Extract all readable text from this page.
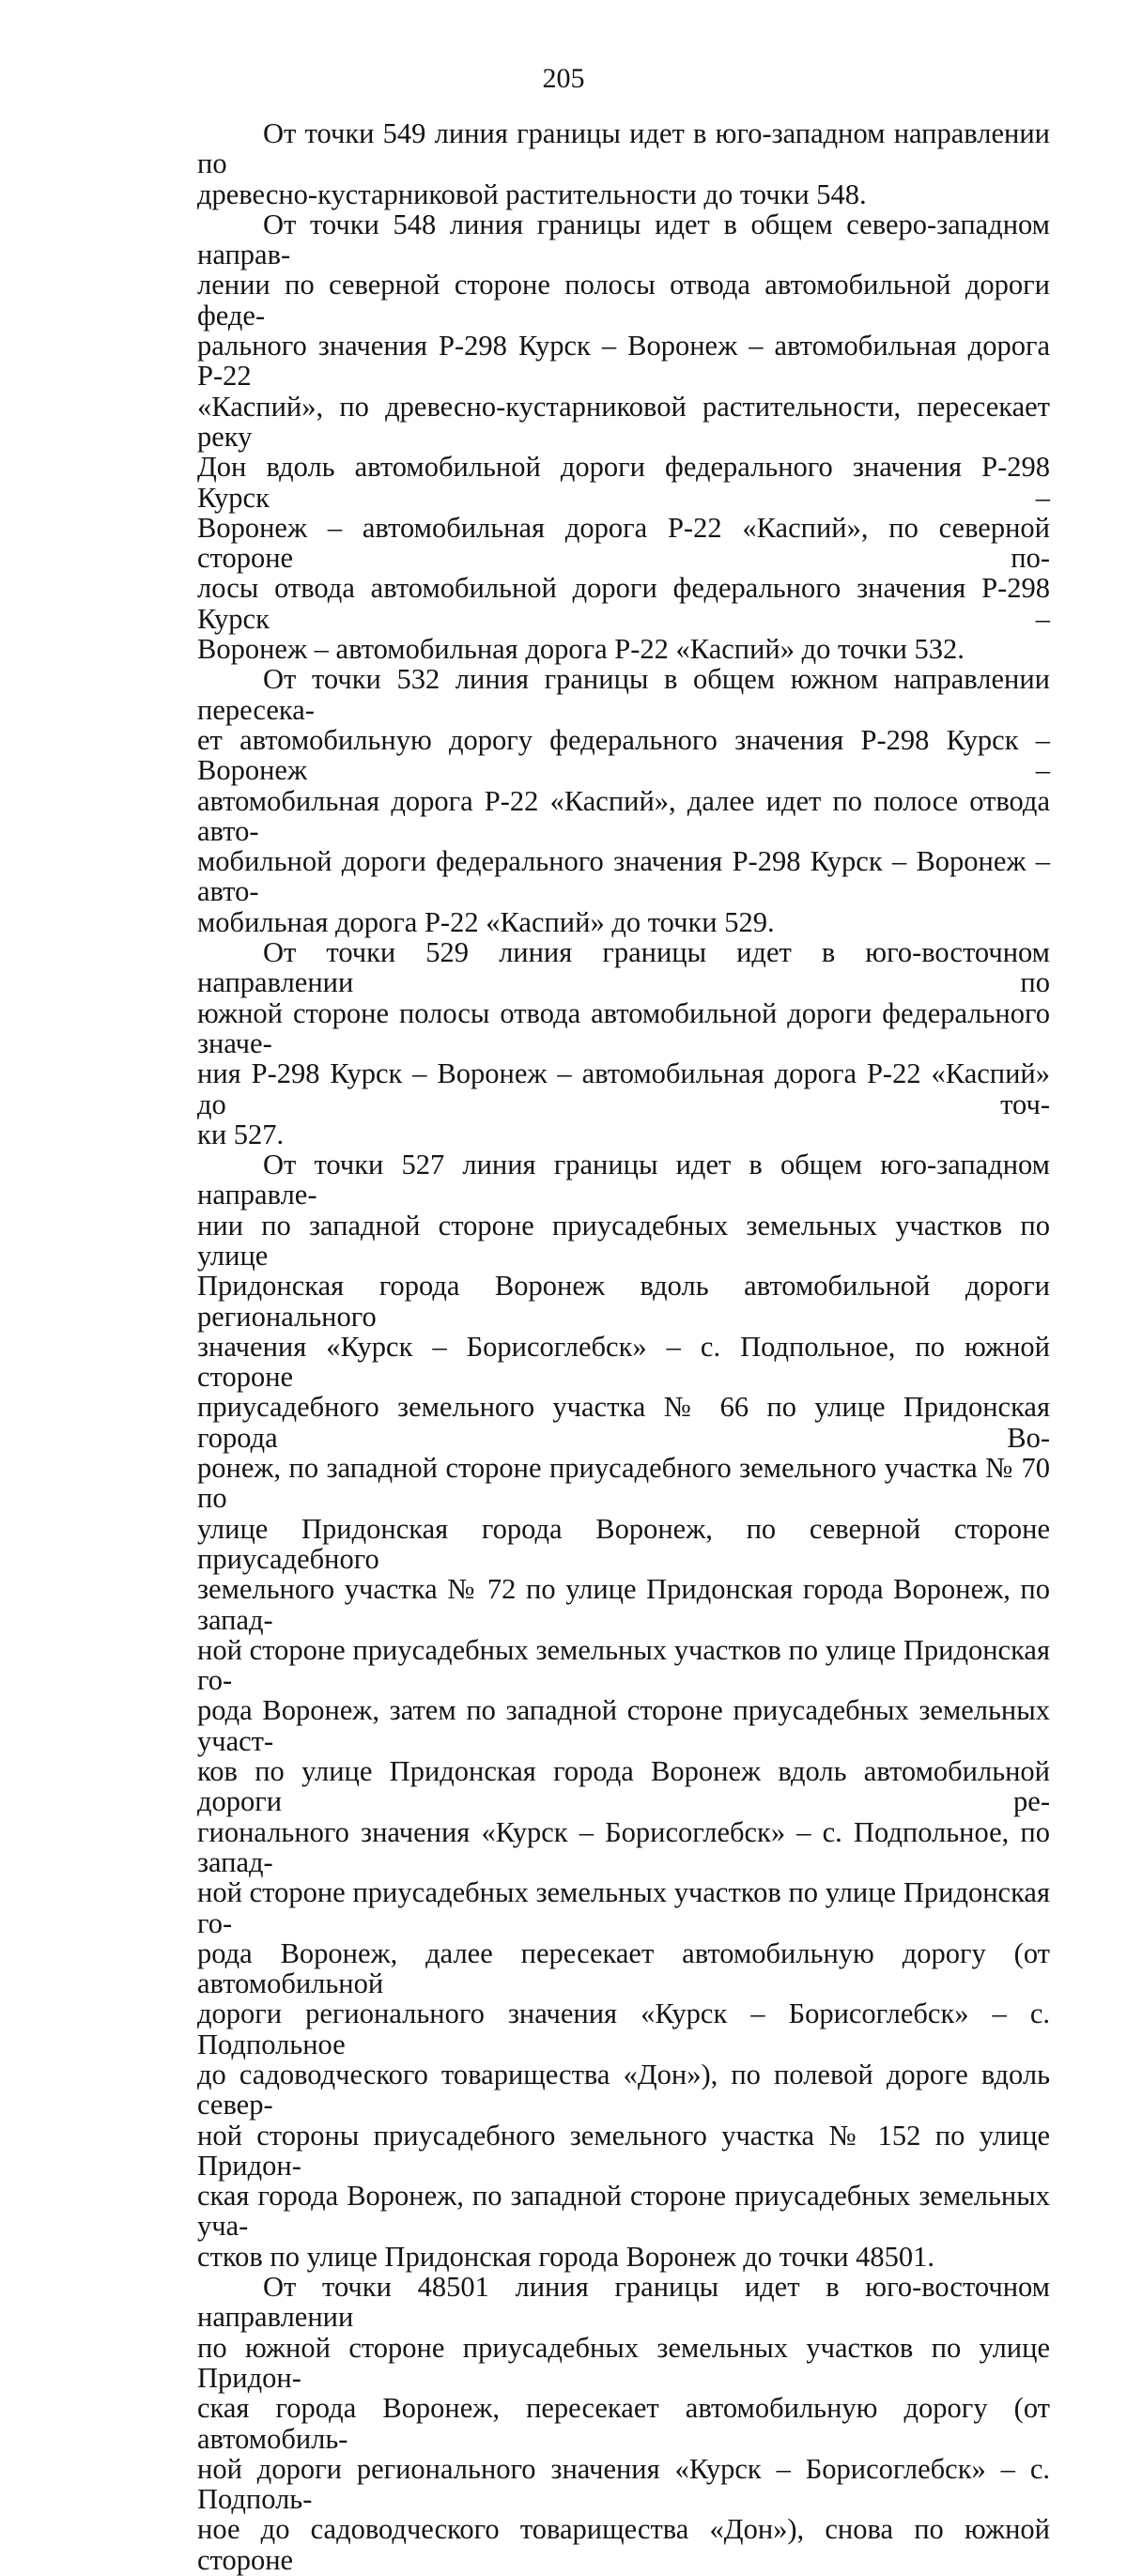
205
От точки 549 линия границы идет в юго-западном направлении по
древесно-кустарниковой растительности до точки 548.
От точки 548 линия границы идет в общем северо-западном направ-
лении по северной стороне полосы отвода автомобильной дороги феде-
рального значения Р-298 Курск – Воронеж – автомобильная дорога Р-22
«Каспий», по древесно-кустарниковой растительности, пересекает реку
Дон вдоль автомобильной дороги федерального значения Р-298 Курск –
Воронеж – автомобильная дорога Р-22 «Каспий», по северной стороне по-
лосы отвода автомобильной дороги федерального значения Р-298 Курск –
Воронеж – автомобильная дорога Р-22 «Каспий» до точки 532.
От точки 532 линия границы в общем южном направлении пересека-
ет автомобильную дорогу федерального значения Р-298 Курск – Воронеж –
автомобильная дорога Р-22 «Каспий», далее идет по полосе отвода авто-
мобильной дороги федерального значения Р-298 Курск – Воронеж – авто-
мобильная дорога Р-22 «Каспий» до точки 529.
От точки 529 линия границы идет в юго-восточном направлении по
южной стороне полосы отвода автомобильной дороги федерального значе-
ния Р-298 Курск – Воронеж – автомобильная дорога Р-22 «Каспий» до точ-
ки 527.
От точки 527 линия границы идет в общем юго-западном направле-
нии по западной стороне приусадебных земельных участков по улице
Придонская города Воронеж вдоль автомобильной дороги регионального
значения «Курск – Борисоглебск» – с. Подпольное, по южной стороне
приусадебного земельного участка № 66 по улице Придонская города Во-
ронеж, по западной стороне приусадебного земельного участка № 70 по
улице Придонская города Воронеж, по северной стороне приусадебного
земельного участка № 72 по улице Придонская города Воронеж, по запад-
ной стороне приусадебных земельных участков по улице Придонская го-
рода Воронеж, затем по западной стороне приусадебных земельных участ-
ков по улице Придонская города Воронеж вдоль автомобильной дороги ре-
гионального значения «Курск – Борисоглебск» – с. Подпольное, по запад-
ной стороне приусадебных земельных участков по улице Придонская го-
рода Воронеж, далее пересекает автомобильную дорогу (от автомобильной
дороги регионального значения «Курск – Борисоглебск» – с. Подпольное
до садоводческого товарищества «Дон»), по полевой дороге вдоль север-
ной стороны приусадебного земельного участка № 152 по улице Придон-
ская города Воронеж, по западной стороне приусадебных земельных уча-
стков по улице Придонская города Воронеж до точки 48501.
От точки 48501 линия границы идет в юго-восточном направлении
по южной стороне приусадебных земельных участков по улице Придон-
ская города Воронеж, пересекает автомобильную дорогу (от автомобиль-
ной дороги регионального значения «Курск – Борисоглебск» – с. Подполь-
ное до садоводческого товарищества «Дон»), снова по южной стороне
